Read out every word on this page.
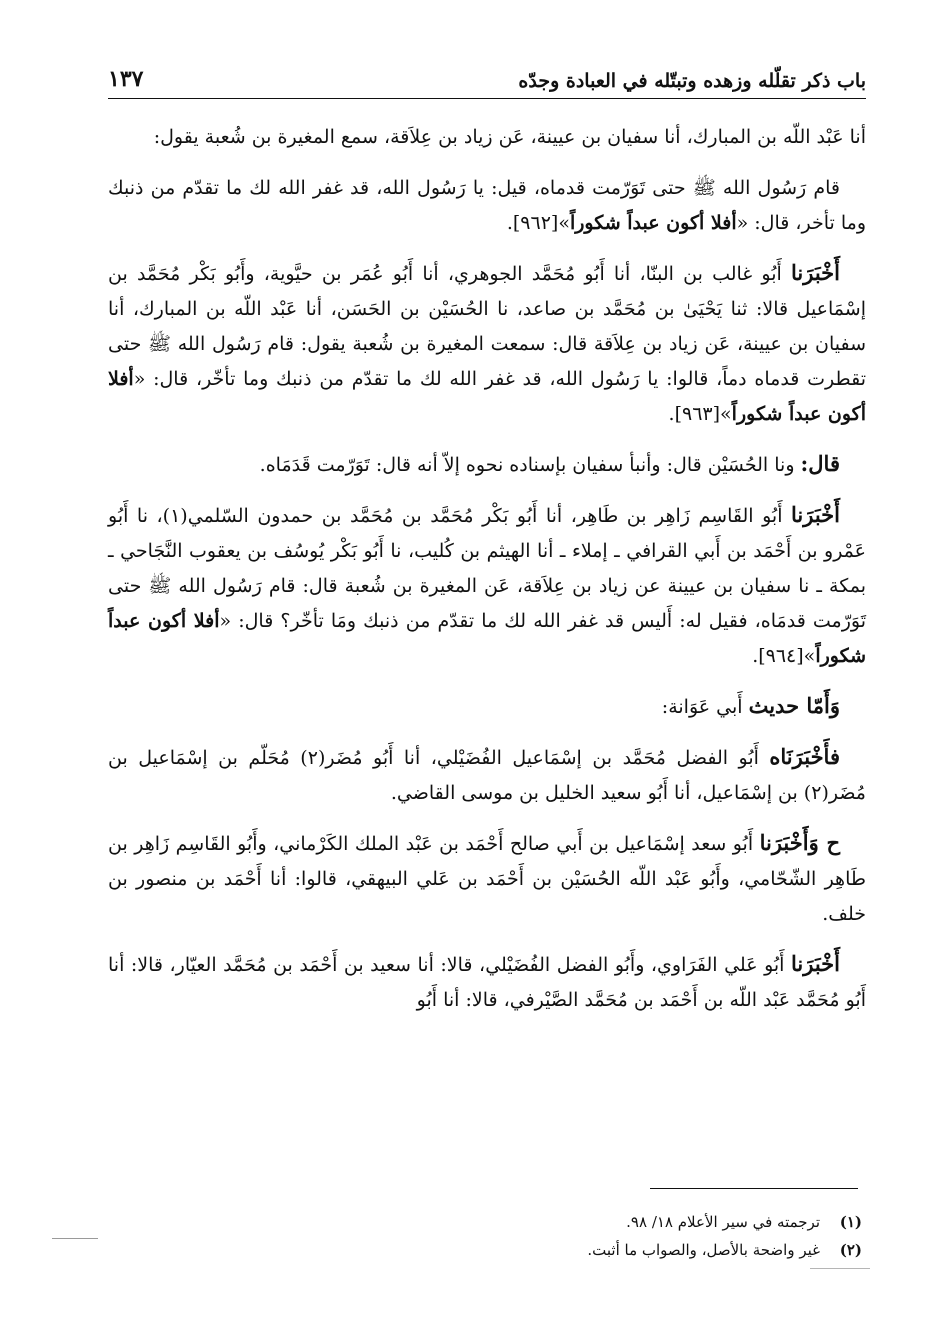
باب ذكر تقلّله وزهده وتبتّله في العبادة وجدّه
١٣٧

أنا عَبْد اللّه بن المبارك، أنا سفيان بن عيينة، عَن زياد بن عِلاَقة، سمع المغيرة بن شُعبة يقول:

قام رَسُول الله ﷺ حتى تَوَرّمت قدماه، قيل: يا رَسُول الله، قد غفر الله لك ما تقدّم من ذنبك وما تأخر، قال: «أفلا أكون عبداً شكوراً»[٩٦٢].

أَخْبَرَنا أَبُو غالب بن البنّا، أنا أَبُو مُحَمَّد الجوهري، أنا أَبُو عُمَر بن حيَّوية، وأَبُو بَكْر مُحَمَّد بن إسْمَاعيل قالا: ثنا يَحْيَىٰ بن مُحَمَّد بن صاعد، نا الحُسَيْن بن الحَسَن، أنا عَبْد اللّه بن المبارك، أنا سفيان بن عيينة، عَن زياد بن عِلاَقة قال: سمعت المغيرة بن شُعبة يقول: قام رَسُول الله ﷺ حتى تقطرت قدماه دماً، قالوا: يا رَسُول الله، قد غفر الله لك ما تقدّم من ذنبك وما تأخّر، قال: «أفلا أكون عبداً شكوراً»[٩٦٣].

قال: ونا الحُسَيْن قال: وأنبأ سفيان بإسناده نحوه إلاّ أنه قال: تَوَرّمت قَدَمَاه.

أَخْبَرَنا أَبُو القَاسِم زَاهِر بن طَاهِر، أنا أَبُو بَكْر مُحَمَّد بن مُحَمَّد بن حمدون السّلمي(١)، نا أَبُو عَمْرو بن أَحْمَد بن أَبي القرافي ـ إملاء ـ أنا الهيثم بن كُليب، نا أَبُو بَكْر يُوسُف بن يعقوب النَّجَاحي ـ بمكة ـ نا سفيان بن عيينة عن زياد بن عِلاَقة، عَن المغيرة بن شُعبة قال: قام رَسُول الله ﷺ حتى تَوَرّمت قدمَاه، فقيل له: أَليس قد غفر الله لك ما تقدّم من ذنبك ومَا تأخّر؟ قال: «أفلا أكون عبداً شكوراً»[٩٦٤].

وَأَمّا حديث أَبي عَوَانة:

فأَخْبَرَنَاه أَبُو الفضل مُحَمَّد بن إسْمَاعيل الفُضَيْلي، أنا أَبُو مُضَر(٢) مُحَلّم بن إسْمَاعيل بن مُضَر(٢) بن إسْمَاعيل، أنا أَبُو سعيد الخليل بن موسى القاضي.

ح وَأَخْبَرَنا أَبُو سعد إسْمَاعيل بن أَبي صالح أَحْمَد بن عَبْد الملك الكَرْماني، وأَبُو القَاسِم زَاهِر بن طَاهِر الشّحّامي، وأَبُو عَبْد اللّه الحُسَيْن بن أَحْمَد بن عَلي البيهقي، قالوا: أنا أَحْمَد بن منصور بن خلف.

أَخْبَرَنا أَبُو عَلي الفَرَاوي، وأَبُو الفضل الفُضَيْلي، قالا: أنا سعيد بن أَحْمَد بن مُحَمَّد العيّار، قالا: أنا أَبُو مُحَمَّد عَبْد اللّه بن أَحْمَد بن مُحَمَّد الصَّيْرفي، قالا: أنا أَبُو

(١)
ترجمته في سير الأعلام ١٨/ ٩٨.
(٢)
غير واضحة بالأصل، والصواب ما أثبت.
